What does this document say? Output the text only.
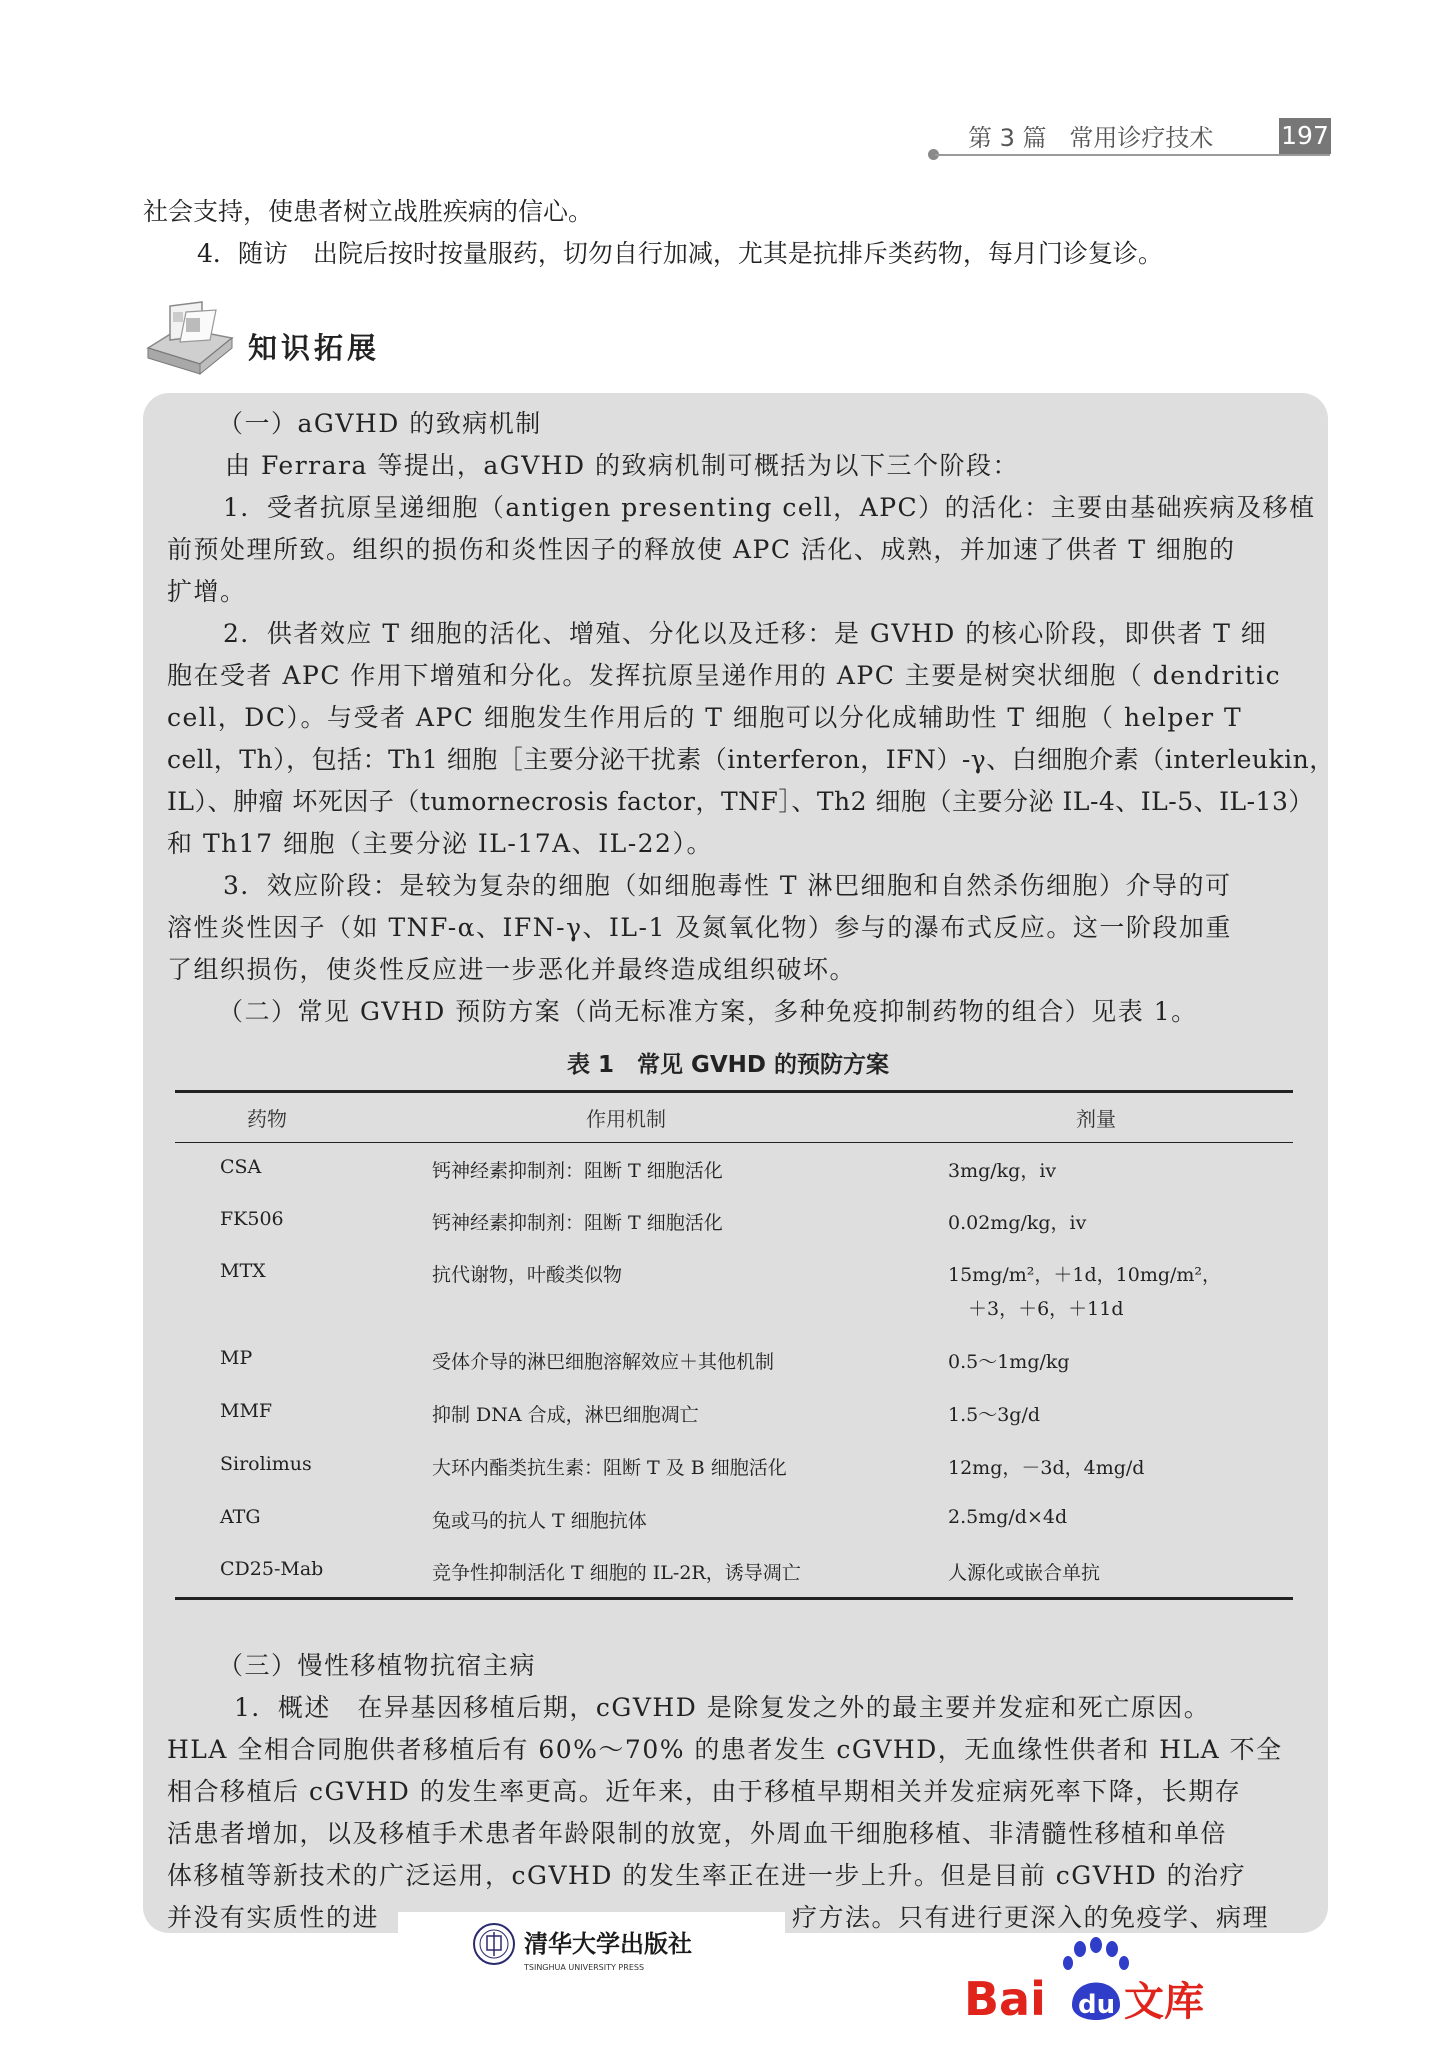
第 3 篇   常用诊疗技术	197
社会支持，使患者树立战胜疾病的信心。
4．随访　出院后按时按量服药，切勿自行加减，尤其是抗排斥类药物，每月门诊复诊。
知识拓展
（一）aGVHD 的致病机制
由 Ferrara 等提出，aGVHD 的致病机制可概括为以下三个阶段：
1．受者抗原呈递细胞（antigen presenting cell，APC）的活化：主要由基础疾病及移植
前预处理所致。组织的损伤和炎性因子的释放使 APC 活化、成熟，并加速了供者 T 细胞的
扩增。
2．供者效应 T 细胞的活化、增殖、分化以及迁移：是 GVHD 的核心阶段，即供者 T 细
胞在受者 APC 作用下增殖和分化。发挥抗原呈递作用的 APC 主要是树突状细胞（ dendritic
cell，DC）。与受者 APC 细胞发生作用后的 T 细胞可以分化成辅助性 T 细胞（ helper T
cell，Th），包括：Th1 细胞［主要分泌干扰素（interferon，IFN）-γ、白细胞介素（interleukin，
IL）、肿瘤 坏死因子（tumornecrosis factor，TNF］、Th2 细胞（主要分泌 IL-4、IL-5、IL-13）
和 Th17 细胞（主要分泌 IL-17A、IL-22）。
3．效应阶段：是较为复杂的细胞（如细胞毒性 T 淋巴细胞和自然杀伤细胞）介导的可
溶性炎性因子（如 TNF-α、IFN-γ、IL-1 及氮氧化物）参与的瀑布式反应。这一阶段加重
了组织损伤，使炎性反应进一步恶化并最终造成组织破坏。
（二）常见 GVHD 预防方案（尚无标准方案，多种免疫抑制药物的组合）见表 1。
表 1　常见 GVHD 的预防方案
药物	作用机制	剂量
CSA	钙神经素抑制剂：阻断 T 细胞活化	3mg/kg，iv
FK506	钙神经素抑制剂：阻断 T 细胞活化	0.02mg/kg，iv
MTX	抗代谢物，叶酸类似物	15mg/m²，＋1d，10mg/m²，
＋3，＋6，＋11d
MP	受体介导的淋巴细胞溶解效应＋其他机制	0.5～1mg/kg
MMF	抑制 DNA 合成，淋巴细胞凋亡	1.5～3g/d
Sirolimus	大环内酯类抗生素：阻断 T 及 B 细胞活化	12mg，－3d，4mg/d
ATG	兔或马的抗人 T 细胞抗体	2.5mg/d×4d
CD25-Mab	竞争性抑制活化 T 细胞的 IL-2R，诱导凋亡	人源化或嵌合单抗
（三）慢性移植物抗宿主病
1．概述　在异基因移植后期，cGVHD 是除复发之外的最主要并发症和死亡原因。
HLA 全相合同胞供者移植后有 60%～70% 的患者发生 cGVHD，无血缘性供者和 HLA 不全
相合移植后 cGVHD 的发生率更高。近年来，由于移植早期相关并发症病死率下降，长期存
活患者增加，以及移植手术患者年龄限制的放宽，外周血干细胞移植、非清髓性移植和单倍
体移植等新技术的广泛运用，cGVHD 的发生率正在进一步上升。但是目前 cGVHD 的治疗
并没有实质性的进	疗方法。只有进行更深入的免疫学、病理
清华大学出版社
TSINGHUA UNIVERSITY PRESS
Bai du 文库
